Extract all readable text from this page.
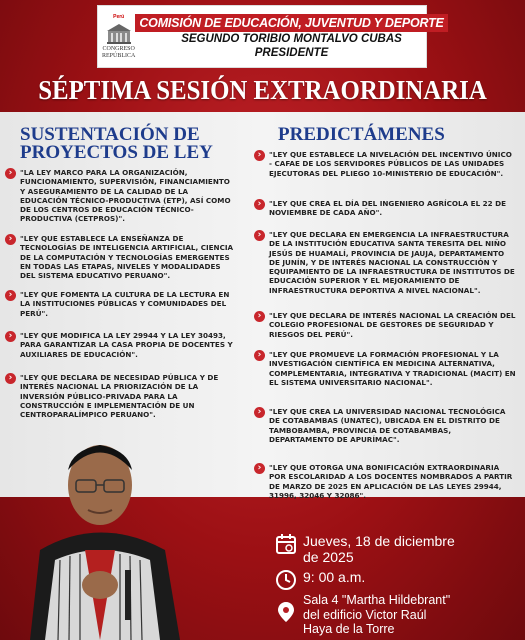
Perú
CONGRESO
REPÚBLICA
COMISIÓN DE EDUCACIÓN, JUVENTUD Y DEPORTE
SEGUNDO TORIBIO MONTALVO CUBAS
PRESIDENTE
SÉPTIMA SESIÓN EXTRAORDINARIA
SUSTENTACIÓN DE PROYECTOS DE LEY
PREDICTÁMENES
›	"LA LEY MARCO PARA LA ORGANIZACIÓN, FUNCIONAMIENTO, SUPERVISIÓN, FINANCIAMIENTO Y ASEGURAMIENTO DE LA CALIDAD DE LA EDUCACIÓN TÉCNICO-PRODUCTIVA (ETP), ASÍ COMO DE LOS CENTROS DE EDUCACIÓN TÉCNICO-PRODUCTIVA (CETPROS)".
›	"LEY QUE ESTABLECE LA ENSEÑANZA DE TECNOLOGÍAS DE INTELIGENCIA ARTIFICIAL, CIENCIA DE LA COMPUTACIÓN Y TECNOLOGÍAS EMERGENTES EN TODAS LAS ETAPAS, NIVELES Y MODALIDADES DEL SISTEMA EDUCATIVO PERUANO".
›	"LEY QUE FOMENTA LA CULTURA DE LA LECTURA EN LA INSTITUCIONES PÚBLICAS Y COMUNIDADES DEL PERÚ".
›	"LEY QUE MODIFICA LA LEY 29944 Y LA LEY 30493, PARA GARANTIZAR LA CASA PROPIA DE DOCENTES Y AUXILIARES DE EDUCACIÓN".
›	"LEY QUE DECLARA DE NECESIDAD PÚBLICA Y DE INTERÉS NACIONAL LA PRIORIZACIÓN DE LA INVERSIÓN PÚBLICO-PRIVADA PARA LA CONSTRUCCIÓN E IMPLEMENTACIÓN DE UN CENTROPARALÍMPICO PERUANO".
›	"LEY QUE ESTABLECE LA NIVELACIÓN DEL INCENTIVO ÚNICO - CAFAE DE LOS SERVIDORES PÚBLICOS DE LAS UNIDADES EJECUTORAS DEL PLIEGO 10-MINISTERIO DE EDUCACIÓN".
›	"LEY QUE CREA EL DÍA DEL INGENIERO AGRÍCOLA EL 22 DE NOVIEMBRE DE CADA AÑO".
›	"LEY QUE DECLARA EN EMERGENCIA LA INFRAESTRUCTURA DE LA INSTITUCIÓN EDUCATIVA SANTA TERESITA DEL NIÑO JESÚS DE HUAMALÍ, PROVINCIA DE JAUJA, DEPARTAMENTO DE JUNÍN, Y DE INTERÉS NACIONAL LA CONSTRUCCIÓN Y EQUIPAMIENTO DE LA INFRAESTRUCTURA DE INSTITUTOS DE EDUCACIÓN SUPERIOR Y EL MEJORAMIENTO DE INFRAESTRUCTURA DEPORTIVA A NIVEL NACIONAL".
›	"LEY QUE DECLARA DE INTERÉS NACIONAL LA CREACIÓN DEL COLEGIO PROFESIONAL DE GESTORES DE SEGURIDAD Y RIESGOS DEL PERÚ".
›	"LEY QUE PROMUEVE LA FORMACIÓN PROFESIONAL Y LA INVESTIGACIÓN CIENTÍFICA EN MEDICINA ALTERNATIVA, COMPLEMENTARIA, INTEGRATIVA Y TRADICIONAL (MACIT) EN EL SISTEMA UNIVERSITARIO NACIONAL".
›	"LEY QUE CREA LA UNIVERSIDAD NACIONAL TECNOLÓGICA DE COTABAMBAS (UNATEC), UBICADA EN EL DISTRITO DE TAMBOBAMBA, PROVINCIA DE COTABAMBAS, DEPARTAMENTO DE APURÍMAC".
›	"LEY QUE OTORGA UNA BONIFICACIÓN EXTRAORDINARIA POR ESCOLARIDAD A LOS DOCENTES NOMBRADOS A PARTIR DE MARZO DE 2025 EN APLICACIÓN DE LAS LEYES 29944, 31996, 32046 Y 32086".
Jueves, 18 de diciembre de 2025
9: 00 a.m.
Sala 4 "Martha Hildebrant" del edificio Victor Raúl Haya de la Torre
